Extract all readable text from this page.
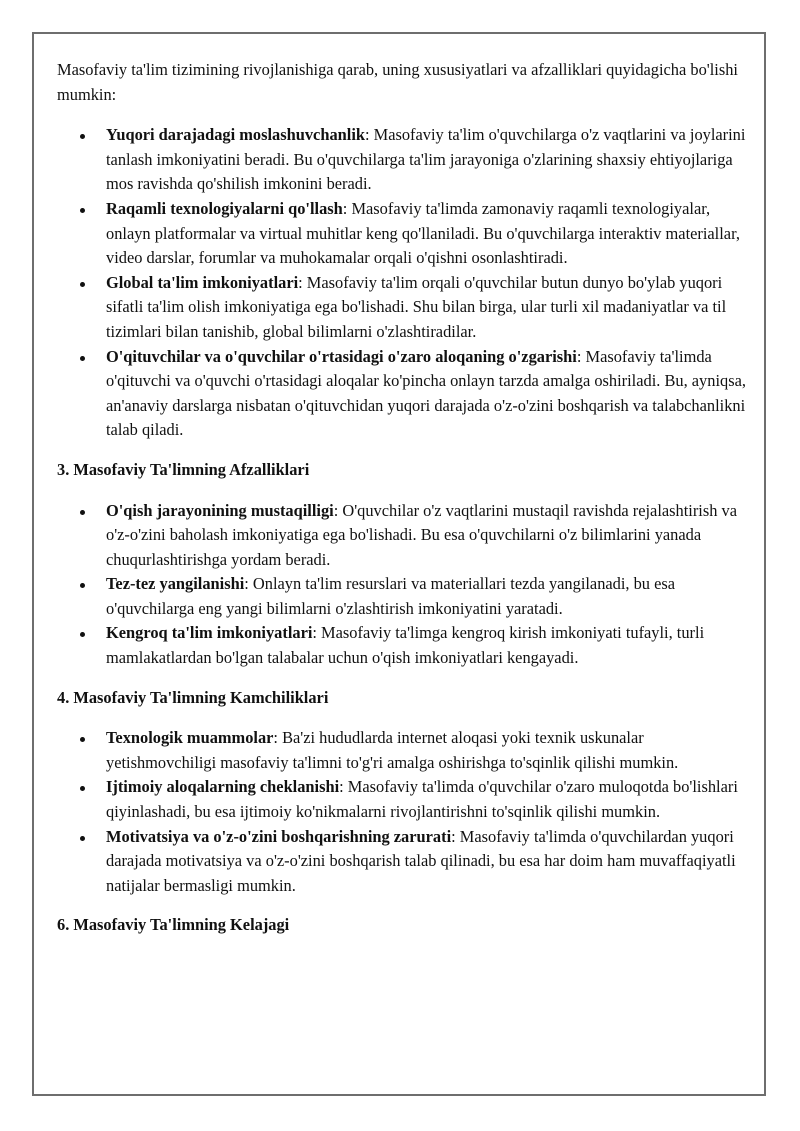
Masofaviy ta'lim tizimining rivojlanishiga qarab, uning xususiyatlari va afzalliklari quyidagicha bo'lishi mumkin:

Yuqori darajadagi moslashuvchanlik: Masofaviy ta'lim o'quvchilarga o'z vaqtlarini va joylarini tanlash imkoniyatini beradi. Bu o'quvchilarga ta'lim jarayoniga o'zlarining shaxsiy ehtiyojlariga mos ravishda qo'shilish imkonini beradi.
Raqamli texnologiyalarni qo'llash: Masofaviy ta'limda zamonaviy raqamli texnologiyalar, onlayn platformalar va virtual muhitlar keng qo'llaniladi. Bu o'quvchilarga interaktiv materiallar, video darslar, forumlar va muhokamalar orqali o'qishni osonlashtiradi.
Global ta'lim imkoniyatlari: Masofaviy ta'lim orqali o'quvchilar butun dunyo bo'ylab yuqori sifatli ta'lim olish imkoniyatiga ega bo'lishadi. Shu bilan birga, ular turli xil madaniyatlar va til tizimlari bilan tanishib, global bilimlarni o'zlashtiradilar.
O'qituvchilar va o'quvchilar o'rtasidagi o'zaro aloqaning o'zgarishi: Masofaviy ta'limda o'qituvchi va o'quvchi o'rtasidagi aloqalar ko'pincha onlayn tarzda amalga oshiriladi. Bu, ayniqsa, an'anaviy darslarga nisbatan o'qituvchidan yuqori darajada o'z-o'zini boshqarish va talabchanlikni talab qiladi.

3. Masofaviy Ta'limning Afzalliklari

O'qish jarayonining mustaqilligi: O'quvchilar o'z vaqtlarini mustaqil ravishda rejalashtirish va o'z-o'zini baholash imkoniyatiga ega bo'lishadi. Bu esa o'quvchilarni o'z bilimlarini yanada chuqurlashtirishga yordam beradi.
Tez-tez yangilanishi: Onlayn ta'lim resurslari va materiallari tezda yangilanadi, bu esa o'quvchilarga eng yangi bilimlarni o'zlashtirish imkoniyatini yaratadi.
Kengroq ta'lim imkoniyatlari: Masofaviy ta'limga kengroq kirish imkoniyati tufayli, turli mamlakatlardan bo'lgan talabalar uchun o'qish imkoniyatlari kengayadi.

4. Masofaviy Ta'limning Kamchiliklari

Texnologik muammolar: Ba'zi hududlarda internet aloqasi yoki texnik uskunalar yetishmovchiligi masofaviy ta'limni to'g'ri amalga oshirishga to'sqinlik qilishi mumkin.
Ijtimoiy aloqalarning cheklanishi: Masofaviy ta'limda o'quvchilar o'zaro muloqotda bo'lishlari qiyinlashadi, bu esa ijtimoiy ko'nikmalarni rivojlantirishni to'sqinlik qilishi mumkin.
Motivatsiya va o'z-o'zini boshqarishning zarurati: Masofaviy ta'limda o'quvchilardan yuqori darajada motivatsiya va o'z-o'zini boshqarish talab qilinadi, bu esa har doim ham muvaffaqiyatli natijalar bermasligi mumkin.

6. Masofaviy Ta'limning Kelajagi
